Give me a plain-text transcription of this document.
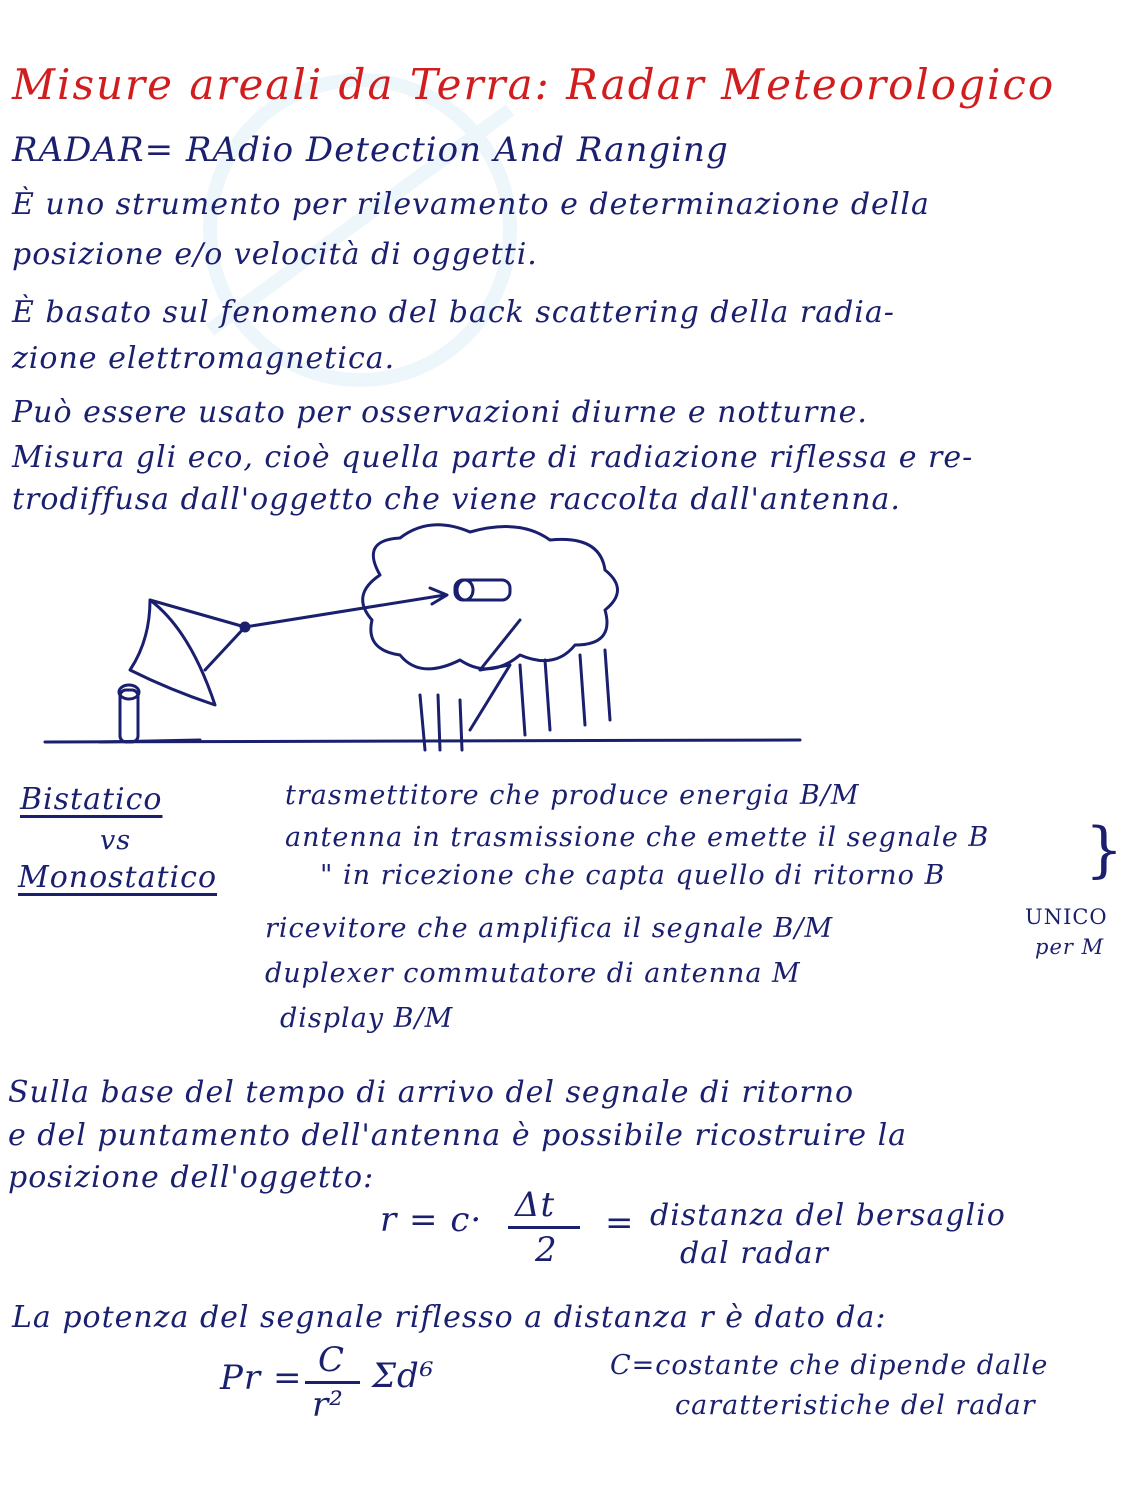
Misure areali da Terra: Radar Meteorologico
RADAR= RAdio Detection And Ranging
È uno strumento per rilevamento e determinazione della
posizione e/o velocità di oggetti.
È basato sul fenomeno del back scattering della radia-
zione elettromagnetica.
Può essere usato per osservazioni diurne e notturne.
Misura gli eco, cioè quella parte di radiazione riflessa e re-
trodiffusa dall'oggetto che viene raccolta dall'antenna.
Bistatico
vs
Monostatico
trasmettitore che produce energia B/M
antenna in trasmissione che emette il segnale B
" in ricezione che capta quello di ritorno B }
ricevitore che amplifica il segnale B/M
duplexer commutatore di antenna M
display B/M
UNICO
per M
Sulla base del tempo di arrivo del segnale di ritorno
e del puntamento dell'antenna è possibile ricostruire la
posizione dell'oggetto:
r = c· Δt
2
= distanza del bersaglio
dal radar
La potenza del segnale riflesso a distanza r è dato da:
Pr = C
r²
Σd⁶	C=costante che dipende dalle
caratteristiche del radar
